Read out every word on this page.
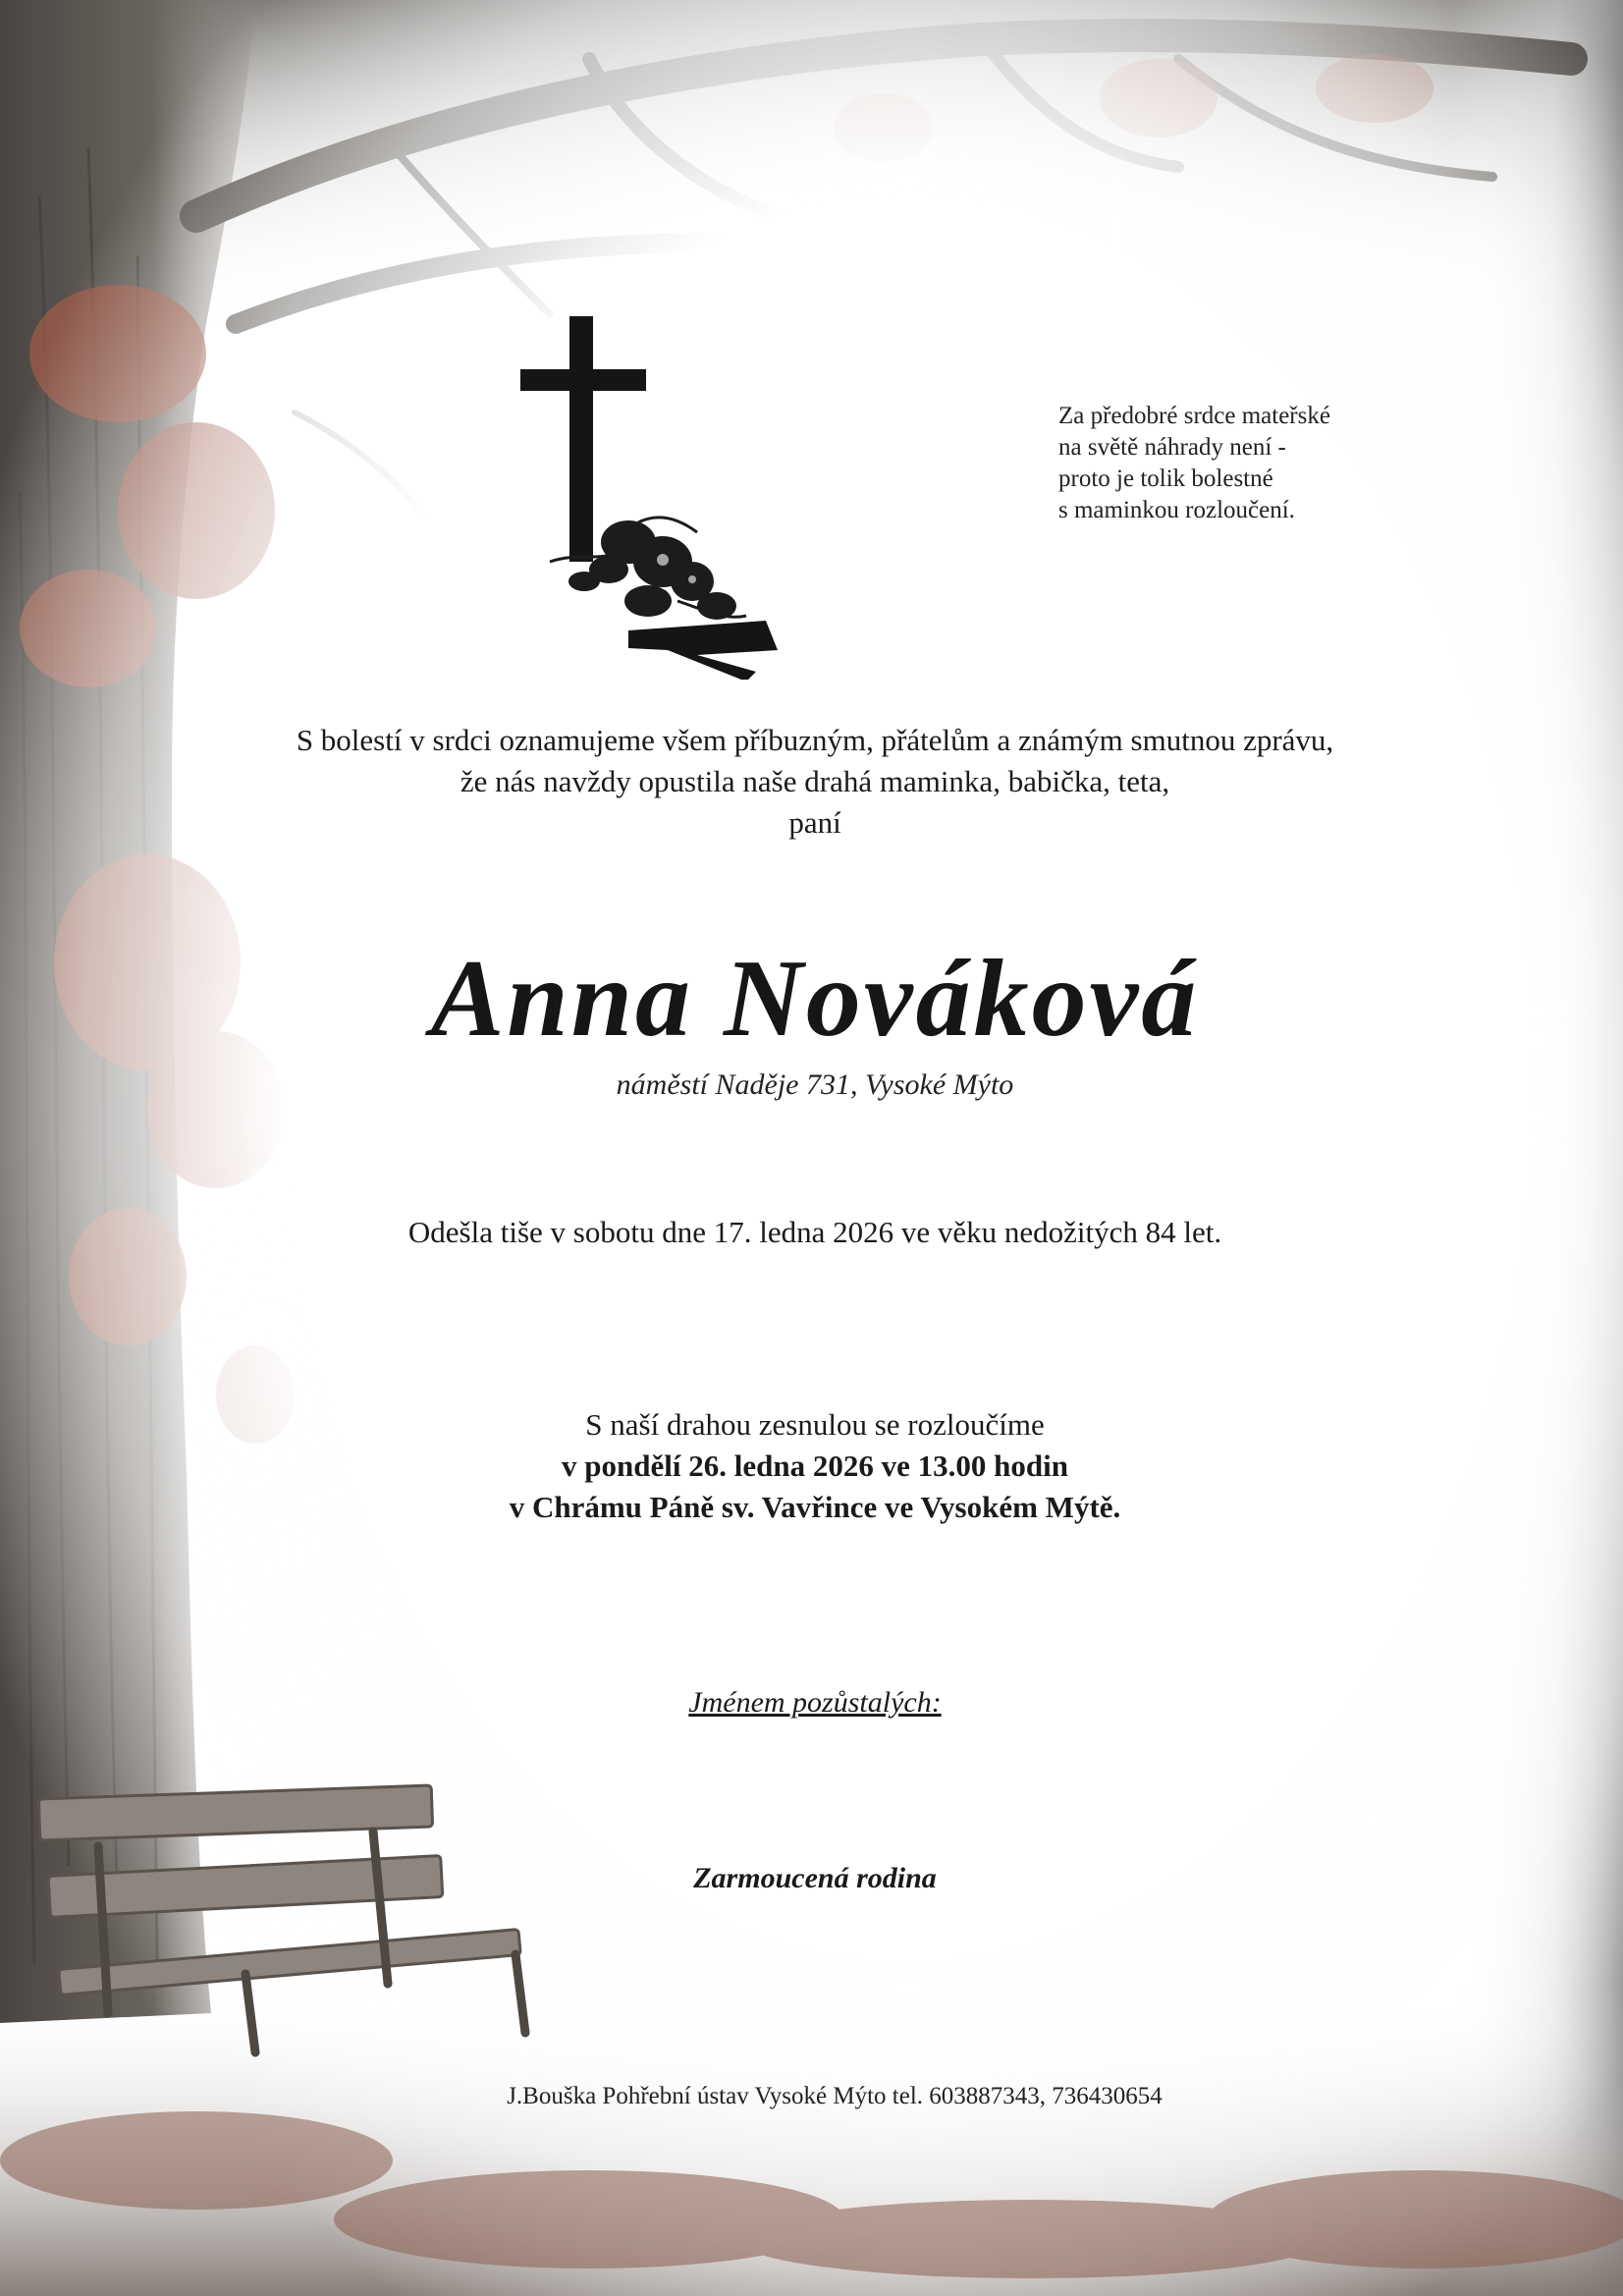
Za předobré srdce mateřské
na světě náhrady není -
proto je tolik bolestné
s maminkou rozloučení.
S bolestí v srdci oznamujeme všem příbuzným, přátelům a známým smutnou zprávu,
že nás navždy opustila naše drahá maminka, babička, teta,
paní
Anna Nováková
náměstí Naděje 731, Vysoké Mýto
Odešla tiše v sobotu dne 17. ledna 2026 ve věku nedožitých 84 let.
S naší drahou zesnulou se rozloučíme
v pondělí 26. ledna 2026 ve 13.00 hodin
v Chrámu Páně sv. Vavřince ve Vysokém Mýtě.
Jménem pozůstalých:
Zarmoucená rodina
J.Bouška Pohřební ústav Vysoké Mýto tel. 603887343, 736430654
